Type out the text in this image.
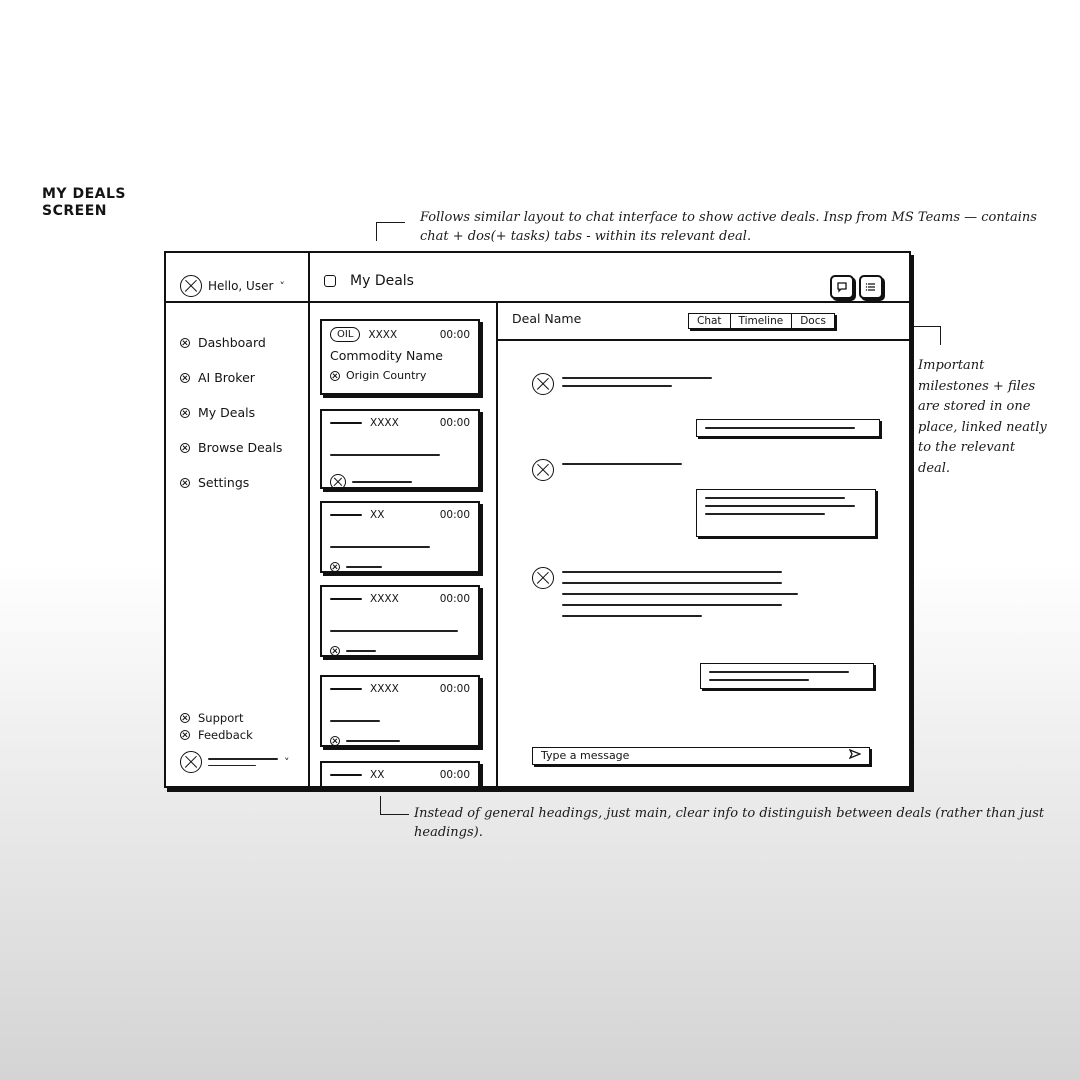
MY DEALS
SCREEN	Follows similar layout to chat interface to show active deals. Insp from MS Teams — contains chat + dos(+ tasks) tabs - within its relevant deal.
Important milestones + files are stored in one place, linked neatly to the relevant deal.
Instead of general headings, just main, clear info to distinguish between deals (rather than just headings).
Hello, User ˅
Dashboard
AI Broker
My Deals
Browse Deals
Settings
Support
Feedback
˅
My Deals
OIL	XXXX	00:00
Commodity Name
Origin Country
XXXX	00:00
XX	00:00
XXXX	00:00
XXXX	00:00
XX	00:00
Deal Name	Chat	Timeline	Docs
Type a message
